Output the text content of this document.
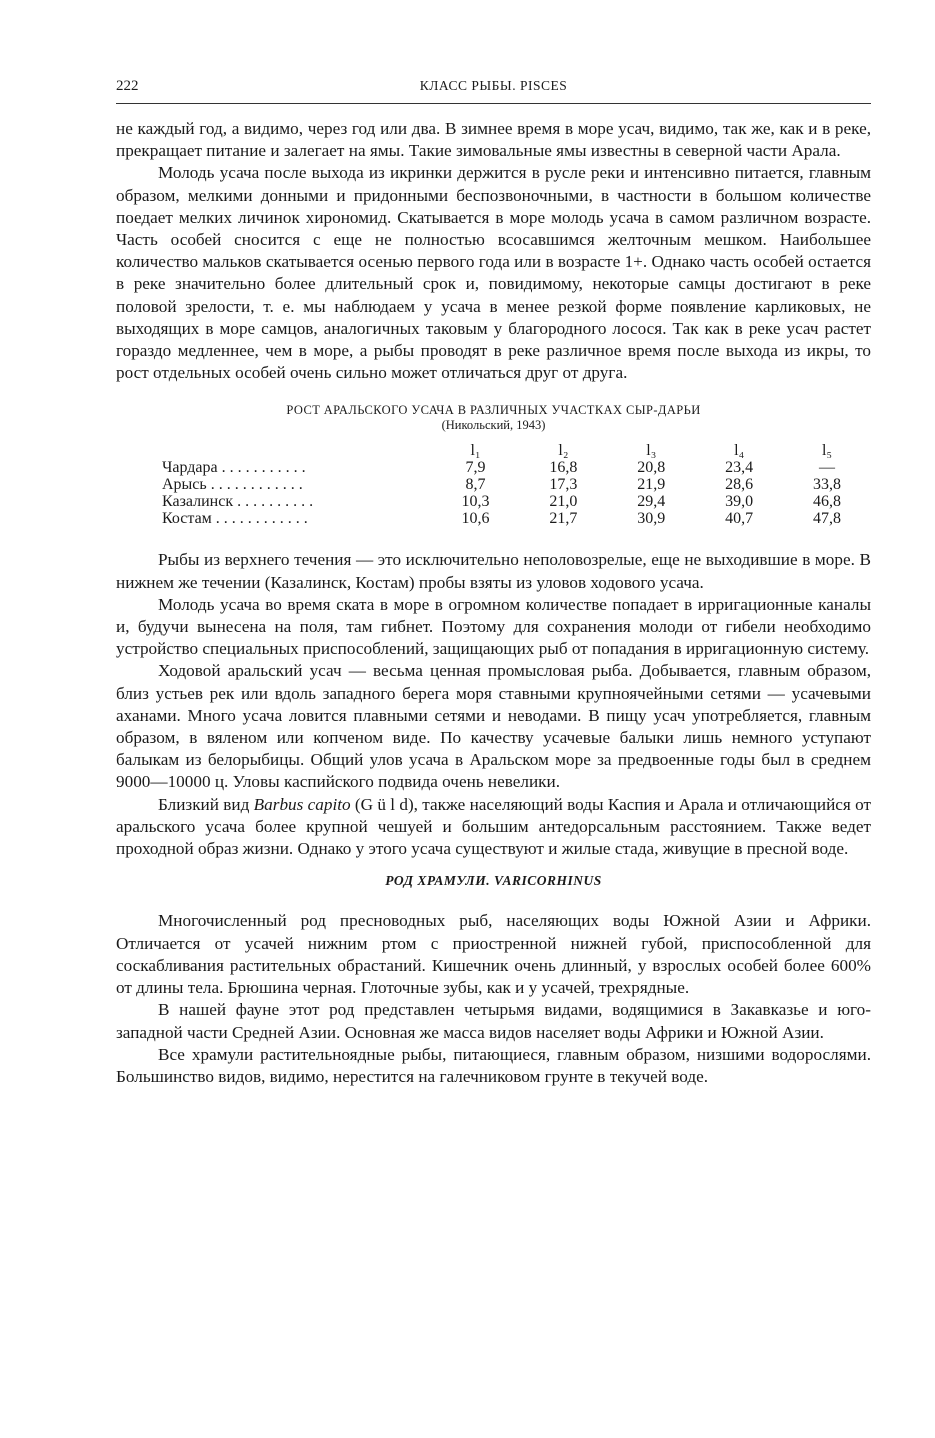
222	КЛАСС РЫБЫ. PISCES

не каждый год, а видимо, через год или два. В зимнее время в море усач, видимо, так же, как и в реке, прекращает питание и залегает на ямы. Такие зимовальные ямы известны в северной части Арала.

Молодь усача после выхода из икринки держится в русле реки и интенсивно питается, главным образом, мелкими донными и придонными беспозвоночными, в частности в большом количестве поедает мелких личинок хирономид. Скатывается в море молодь усача в самом различном возрасте. Часть особей сносится с еще не полностью всосавшимся желточным мешком. Наибольшее количество мальков скатывается осенью первого года или в возрасте 1+. Однако часть особей остается в реке значительно более длительный срок и, повидимому, некоторые самцы достигают в реке половой зрелости, т. е. мы наблюдаем у усача в менее резкой форме появление карликовых, не выходящих в море самцов, аналогичных таковым у благородного лосося. Так как в реке усач растет гораздо медленнее, чем в море, а рыбы проводят в реке различное время после выхода из икры, то рост отдельных особей очень сильно может отличаться друг от друга.

РОСТ АРАЛЬСКОГО УСАЧА В РАЗЛИЧНЫХ УЧАСТКАХ СЫР-ДАРЬИ
(Никольский, 1943)
	l₁	l₂	l₃	l₄	l₅
Чардара . . . . . . . . . . .	7,9	16,8	20,8	23,4	—
Арысь . . . . . . . . . . . .	8,7	17,3	21,9	28,6	33,8
Казалинск . . . . . . . . . .	10,3	21,0	29,4	39,0	46,8
Костам . . . . . . . . . . . .	10,6	21,7	30,9	40,7	47,8

Рыбы из верхнего течения — это исключительно неполовозрелые, еще не выходившие в море. В нижнем же течении (Казалинск, Костам) пробы взяты из уловов ходового усача.

Молодь усача во время ската в море в огромном количестве попадает в ирригационные каналы и, будучи вынесена на поля, там гибнет. Поэтому для сохранения молоди от гибели необходимо устройство специальных приспособлений, защищающих рыб от попадания в ирригационную систему.

Ходовой аральский усач — весьма ценная промысловая рыба. Добывается, главным образом, близ устьев рек или вдоль западного берега моря ставными крупноячейными сетями — усачевыми аханами. Много усача ловится плавными сетями и неводами. В пищу усач употребляется, главным образом, в вяленом или копченом виде. По качеству усачевые балыки лишь немного уступают балыкам из белорыбицы. Общий улов усача в Аральском море за предвоенные годы был в среднем 9000—10000 ц. Уловы каспийского подвида очень невелики.

Близкий вид Barbus capito (G ü l d), также населяющий воды Каспия и Арала и отличающийся от аральского усача более крупной чешуей и большим антедорсальным расстоянием. Также ведет проходной образ жизни. Однако у этого усача существуют и жилые стада, живущие в пресной воде.

РОД ХРАМУЛИ. VARICORHINUS

Многочисленный род пресноводных рыб, населяющих воды Южной Азии и Африки. Отличается от усачей нижним ртом с приостренной нижней губой, приспособленной для соскабливания растительных обрастаний. Кишечник очень длинный, у взрослых особей более 600% от длины тела. Брюшина черная. Глоточные зубы, как и у усачей, трехрядные.

В нашей фауне этот род представлен четырьмя видами, водящимися в Закавказье и юго-западной части Средней Азии. Основная же масса видов населяет воды Африки и Южной Азии.

Все храмули растительноядные рыбы, питающиеся, главным образом, низшими водорослями. Большинство видов, видимо, нерестится на галечниковом грунте в текучей воде.
